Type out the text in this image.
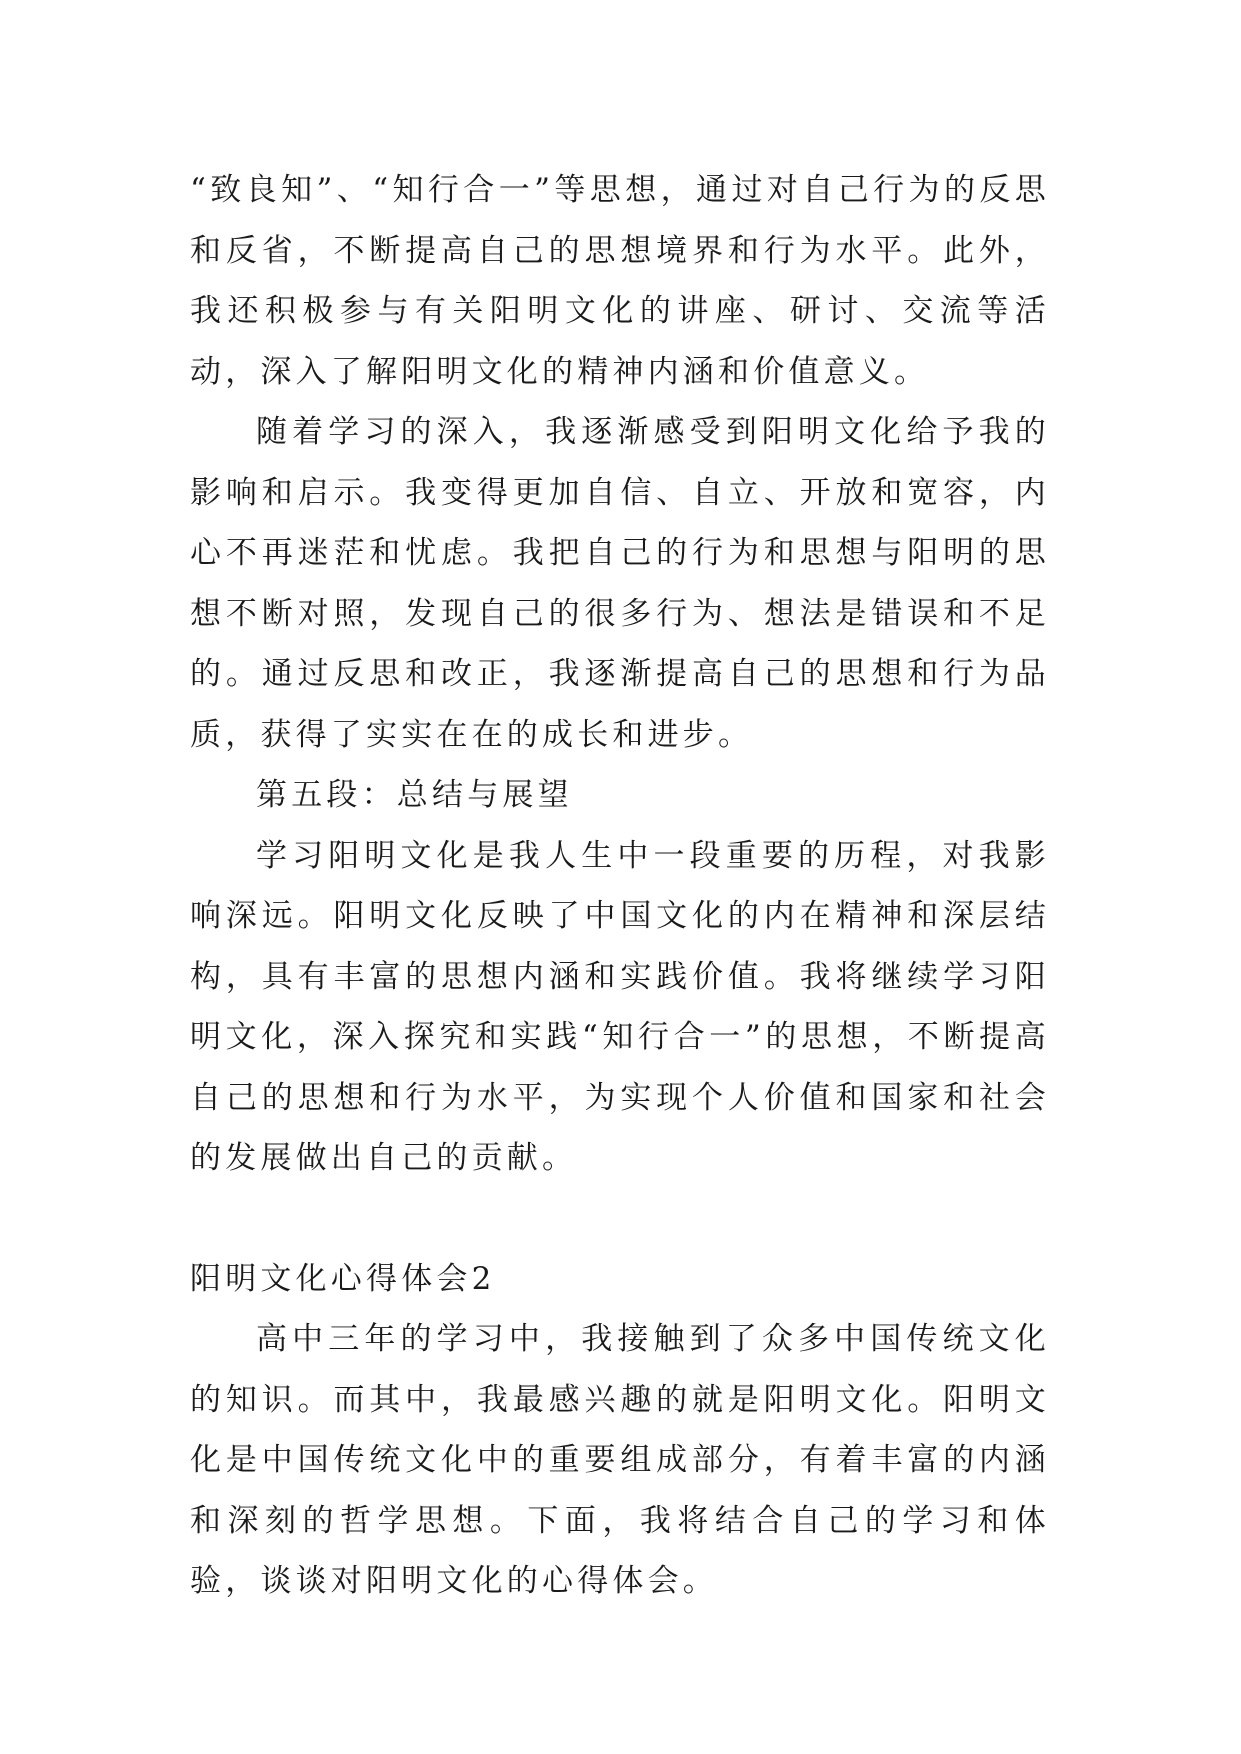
“致良知”、“知行合一”等思想，通过对自己行为的反思和反省，不断提高自己的思想境界和行为水平。此外，我还积极参与有关阳明文化的讲座、研讨、交流等活动，深入了解阳明文化的精神内涵和价值意义。

随着学习的深入，我逐渐感受到阳明文化给予我的影响和启示。我变得更加自信、自立、开放和宽容，内心不再迷茫和忧虑。我把自己的行为和思想与阳明的思想不断对照，发现自己的很多行为、想法是错误和不足的。通过反思和改正，我逐渐提高自己的思想和行为品质，获得了实实在在的成长和进步。

第五段：总结与展望

学习阳明文化是我人生中一段重要的历程，对我影响深远。阳明文化反映了中国文化的内在精神和深层结构，具有丰富的思想内涵和实践价值。我将继续学习阳明文化，深入探究和实践“知行合一”的思想，不断提高自己的思想和行为水平，为实现个人价值和国家和社会的发展做出自己的贡献。

阳明文化心得体会2

高中三年的学习中，我接触到了众多中国传统文化的知识。而其中，我最感兴趣的就是阳明文化。阳明文化是中国传统文化中的重要组成部分，有着丰富的内涵和深刻的哲学思想。下面，我将结合自己的学习和体验，谈谈对阳明文化的心得体会。
